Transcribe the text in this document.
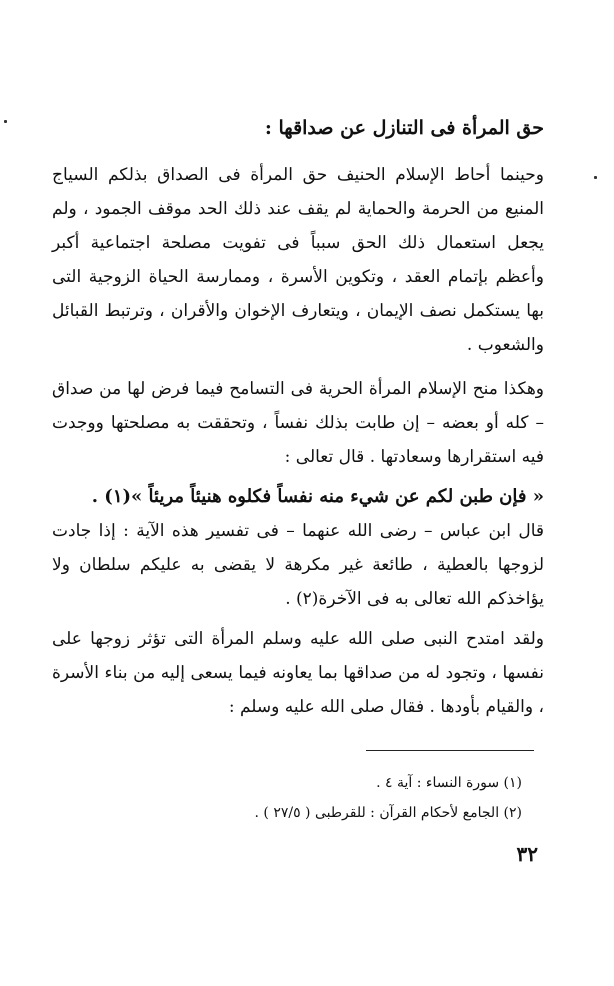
حق المرأة فى التنازل عن صداقها :
وحينما أحاط الإسلام الحنيف حق المرأة فى الصداق بذلكم السياج المنيع من الحرمة والحماية لم يقف عند ذلك الحد موقف الجمود ، ولم يجعل استعمال ذلك الحق سبباً فى تفويت مصلحة اجتماعية أكبر وأعظم بإتمام العقد ، وتكوين الأسرة ، وممارسة الحياة الزوجية التى بها يستكمل نصف الإيمان ، ويتعارف الإخوان والأقران ، وترتبط القبائل والشعوب .
وهكذا منح الإسلام المرأة الحرية فى التسامح فيما فرض لها من صداق – كله أو بعضه – إن طابت بذلك نفساً ، وتحققت به مصلحتها ووجدت فيه استقرارها وسعادتها . قال تعالى :
« فإن طبن لكم عن شيء منه نفساً فكلوه هنيئاً مريئاً »(١) .
قال ابن عباس – رضى الله عنهما – فى تفسير هذه الآية : إذا جادت لزوجها بالعطية ، طائعة غير مكرهة لا يقضى به عليكم سلطان ولا يؤاخذكم الله تعالى به فى الآخرة(٢) .
ولقد امتدح النبى صلى الله عليه وسلم المرأة التى تؤثر زوجها على نفسها ، وتجود له من صداقها بما يعاونه فيما يسعى إليه من بناء الأسرة ، والقيام بأودها . فقال صلى الله عليه وسلم :

(١) سورة النساء : آية ٤ .

(٢) الجامع لأحكام القرآن : للقرطبى ( ٢٧/٥ ) .

٣٢
